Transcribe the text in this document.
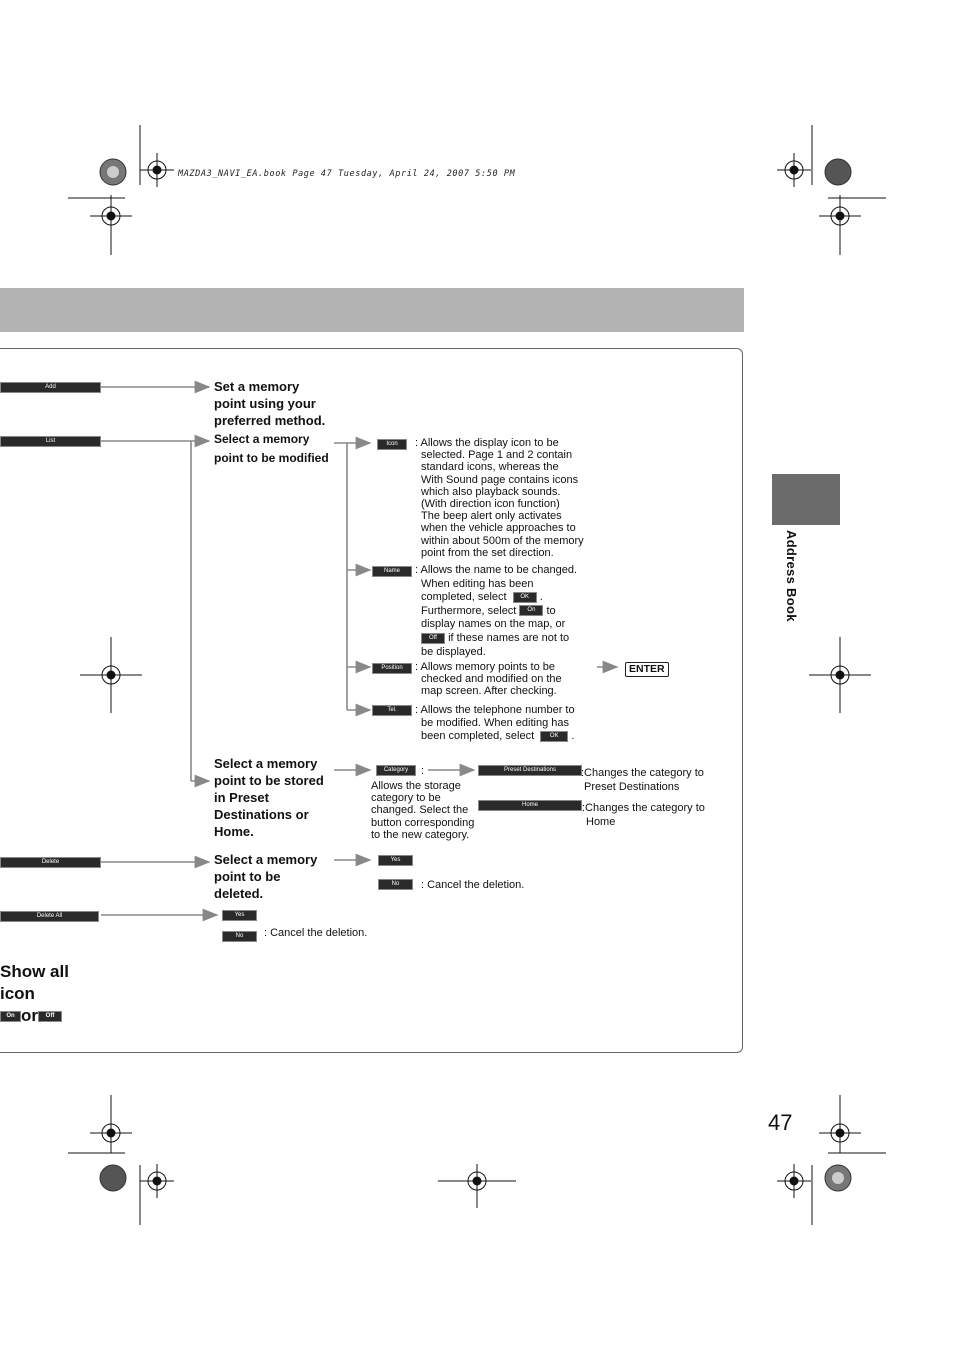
MAZDA3_NAVI_EA.book Page 47 Tuesday, April 24, 2007 5:50 PM
Add
List
Delete
Delete All
Set a memory
point using your
preferred method.
Select a memory
point to be modified
Select a memory
point to be stored
in Preset
Destinations or
Home.
Select a memory
point to be
deleted.
Icon	: Allows the display icon to be
selected. Page 1 and 2 contain
standard icons, whereas the
With Sound page contains icons
which also playback sounds.
(With direction icon function)
The beep alert only activates
when the vehicle approaches to
within about 500m of the memory
point from the set direction.
Name	: Allows the name to be changed.
When editing has been
completed, select OK .
Furthermore, select On to
display names on the map, or
Off if these names are not to
be displayed.
Position	: Allows memory points to be
checked and modified on the
map screen. After checking.
ENTER
Tel.	: Allows the telephone number to
be modified. When editing has
been completed, select	OK .
Category	:
Allows the storage
category to be
changed. Select the
button corresponding
to the new category.
Preset Destinations	:Changes the category to
Preset Destinations
Home	:Changes the category to
Home
Yes
No	: Cancel the deletion.
Yes
No	: Cancel the deletion.
Show all
icon
On or Off
Address Book
47
